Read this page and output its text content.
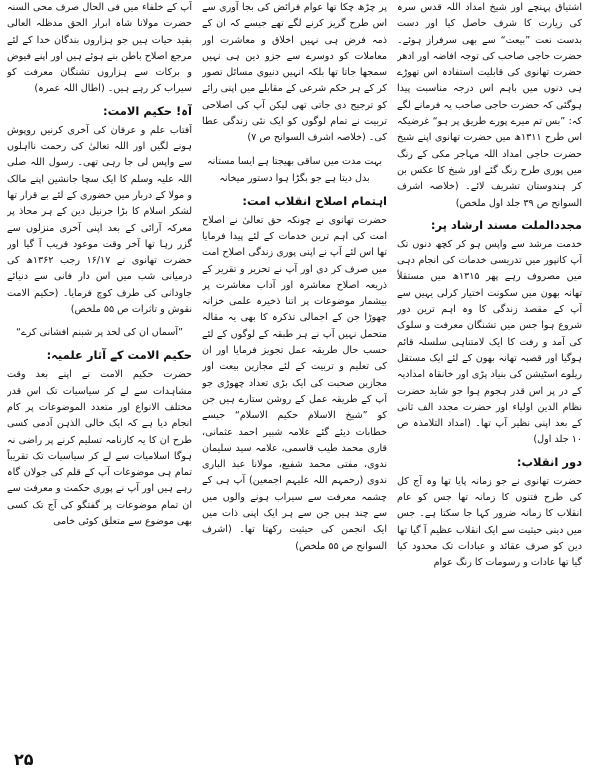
اشتیاق پہنچے اور شیخ امداد اللہ قدس سرہ کی زیارت کا شرف حاصل کیا اور دست بدست نعت ”بیعت“ سے بھی سرفراز ہوئے۔ حضرت حاجی صاحب کی توجہ افاضہ اور ادھر حضرت تھانوی کی قابلیت استفادہ اس تھوڑے ہی دنوں میں باہم اس درجہ مناسبت پیدا ہوگئی کہ حضرت حاجی صاحب یہ فرمانے لگے کہ: ”بس تم میرے پورے طریق پر ہو“ غرضیکہ اس طرح ۱۳۱۱ھ میں حضرت تھانوی اپنے شیخ حضرت حاجی امداد اللہ مہاجر مکی کے رنگ میں پوری طرح رنگ گئے اور شیخ کا عکس بن کر ہندوستان تشریف لائے۔ (خلاصہ اشرف السوانح ص ۳۹ جلد اول ملخص)

مجددالملت مسند ارشاد پر:

خدمت مرشد سے واپس ہو کر کچھ دنوں تک آپ کانپور میں تدریسی خدمات کی انجام دہی میں مصروف رہے پھر ۱۳۱۵ھ میں مستقلاً تھانہ بھون میں سکونت اختیار کرلی یہیں سے آپ کے مقصد زندگی کا وہ اہم ترین دور شروع ہوا جس میں تشنگان معرفت و سلوک کی آمد و رفت کا ایک لامتناہی سلسلہ قائم ہوگیا اور قصبہ تھانہ بھون کے لئے ایک مستقل ریلوے اسٹیشن کی بنیاد پڑی اور خانقاہ امدادیہ کے در پر اس قدر ہجوم ہوا جو شاید حضرت نظام الدین اولیاء اور حضرت مجدد الف ثانی کے بعد اپنی نظیر آپ تھا۔ (امداد التلامذہ ص ۱۰ جلد اول)

دور انقلاب:

حضرت تھانوی نے جو زمانہ پایا تھا وہ آج کل کی طرح فتنوں کا زمانہ تھا جس کو عام انقلاب کا زمانہ ضرور کہا جا سکتا ہے۔ جس میں دینی حیثیت سے ایک انقلاب عظیم آ گیا تھا دین کو صرف عقائد و عبادات تک محدود کیا گیا تھا عادات و رسومات کا رنگ عوام

پر چڑھ چکا تھا عوام فرائض کی بجا آوری سے اس طرح گریز کرنے لگے تھے جیسے کہ ان کے ذمہ فرض ہی نہیں اخلاق و معاشرت اور معاملات کو دوسرے سے جزو دین ہی نہیں سمجھا جاتا تھا بلکہ انہیں دنیوی مسائل تصور کر کے ہر حکم شرعی کے مقابلے میں اپنی رائے کو ترجیح دی جاتی تھی لیکن آپ کی اصلاحی تربیت نے تمام لوگوں کو ایک نئی زندگی عطا کی۔ (خلاصہ اشرف السوانح ص ۷)

بہت مدت میں ساقی بھیجتا ہے ایسا مستانہ
بدل دیتا ہے جو بگڑا ہوا دستور میخانہ

اہتمام اصلاح انقلاب امت:

حضرت تھانوی نے چونکہ حق تعالیٰ نے اصلاح امت کی اہم ترین خدمات کے لئے پیدا فرمایا تھا اس لئے آپ نے اپنی پوری زندگی اصلاح امت میں صرف کر دی اور آپ نے تحریر و تقریر کے ذریعہ اصلاح معاشرہ اور آداب معاشرت پر بیشمار موضوعات پر اتنا ذخیرہ علمی خزانہ چھوڑا جن کے اجمالی تذکرہ کا بھی یہ مقالہ متحمل نہیں آپ نے ہر طبقہ کے لوگوں کے لئے حسب حال طریقہ عمل تجویز فرمایا اور ان کی تعلیم و تربیت کے لئے مجازین بیعت اور مجازین صحبت کی ایک بڑی تعداد چھوڑی جو آپ کے طریقہ عمل کے روشن ستارے ہیں جن کو ”شیخ الاسلام حکیم الاسلام“ جیسے خطابات دیئے گئے علامہ شبیر احمد عثمانی، قاری محمد طیب قاسمی، علامہ سید سلیمان ندوی، مفتی محمد شفیع، مولانا عبد الباری ندوی (رحمہم اللہ علیہم اجمعین) آپ ہی کے چشمہ معرفت سے سیراب ہونے والوں میں سے چند ہیں جن سے ہر ایک اپنی ذات میں ایک انجمن کی حیثیت رکھتا تھا۔ (اشرف السوانح ص ۵۵ ملخص)

آپ کے خلفاء میں فی الحال صرف محی السنہ حضرت مولانا شاہ ابرار الحق مدظلہ العالی بقید حیات ہیں جو ہزاروں بندگان خدا کے لئے مرجع اصلاح باطن بنے ہوئے ہیں اور اپنے فیوض و برکات سے ہزاروں تشنگان معرفت کو سیراب کر رہے ہیں۔ (اطال اللہ عمرہ)

آہ! حکیم الامت:

آفتاب علم و عرفان کی آخری کرنیں روپوش ہونے لگیں اور اللہ تعالیٰ کی رحمت نااہلوں سے واپس لی جا رہی تھی۔ رسول اللہ صلی اللہ علیہ وسلم کا ایک سچا جانشین اپنے مالک و مولا کے دربار میں حضوری کے لئے بے قرار تھا لشکر اسلام کا بڑا جرنیل دین کے ہر محاذ پر معرکہ آرائی کے بعد اپنی آخری منزلوں سے گزر رہا تھا آخر وقت موعود قریب آ گیا اور حضرت تھانوی نے ۱۶/۱۷ رجب ۱۳۶۲ھ کی درمیانی شب میں اس دار فانی سے دنیائے جاودانی کی طرف کوچ فرمایا۔ (حکیم الامت نقوش و تاثرات ص ۵۵ ملخص)

”آسماں ان کی لحد پر شبنم افشانی کرے“

حکیم الامت کے آثار علمیہ:

حضرت حکیم الامت نے اپنے بعد وقت مشاہدات سے لے کر سیاسیات تک اس قدر مختلف الانواع اور متعدد الموضوعات پر کام انجام دیا ہے کہ ایک خالی الذہن آدمی کسی طرح ان کا یہ کارنامہ تسلیم کرنے پر راضی نہ ہوگا اسلامیات سے لے کر سیاسیات تک تقریباً تمام ہی موضوعات آپ کے قلم کی جولان گاہ رہے ہیں اور آپ نے پوری حکمت و معرفت سے ان تمام موضوعات پر گفتگو کی آج تک کسی بھی موضوع سے متعلق کوئی خامی

۲۵
